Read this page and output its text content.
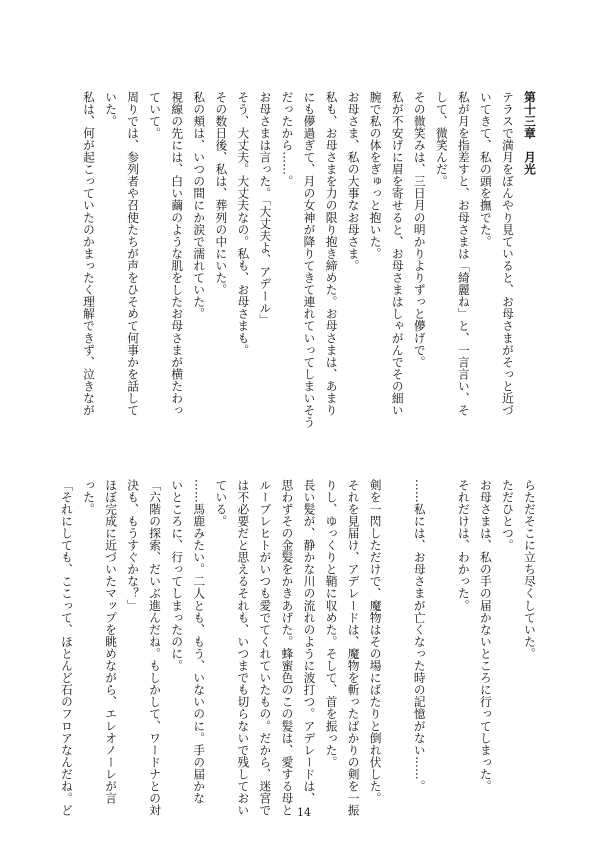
第十三章　月光
テラスで満月をぼんやり見ていると、お母さまがそっと近づ
いてきて、私の頭を撫でた。
私が月を指差すと、お母さまは「綺麗ね」と、一言言い、そ
して、微笑んだ。
その微笑みは、三日月の明かりよりずっと儚げで。
私が不安げに眉を寄せると、お母さまはしゃがんでその細い
腕で私の体をぎゅっと抱いた。
お母さま、私の大事なお母さま。
私も、お母さまを力の限り抱き締めた。お母さまは、あまり
にも儚過ぎて、月の女神が降りてきて連れていってしまいそう
だったから……。
お母さまは言った。「大丈夫よ、アデール」
そう、大丈夫。大丈夫なの。私も、お母さまも。
その数日後、私は、葬列の中にいた。
私の頬は、いつの間にか涙で濡れていた。
視線の先には、白い繭のような肌をしたお母さまが横たわっ
ていて。
周りでは、参列者や召使たちが声をひそめて何事かを話して
いた。
私は、何が起こっていたのかまったく理解できず、泣きなが
らただそこに立ち尽くしていた。
ただひとつ。
お母さまは、私の手の届かないところに行ってしまった。
それだけは、わかった。
……私には、お母さまが亡くなった時の記憶がない……。
剣を一閃しただけで、魔物はその場にばたりと倒れ伏した。
それを見届け、アデレードは、魔物を斬ったばかりの剣を一振
りし、ゆっくりと鞘に収めた。そして、首を振った。
長い髪が、静かな川の流れのように波打つ。アデレードは、
思わずその金髪をかきあげた。蜂蜜色のこの髪は、愛する母と
ルーブレヒトがいつも愛でてくれていたもの。だから、迷宮で
は不必要だと思えるそれも、いつまでも切らないで残しておい
ている。
……馬鹿みたい。二人とも、もう、いないのに。手の届かな
いところに、行ってしまったのに。
「六階の探索、だいぶ進んだね。もしかして、ワードナとの対
決も、もうすぐかな？」
ほぼ完成に近づいたマップを眺めながら、エレオノーレが言
った。
「それにしても、ここって、ほとんど石のフロアなんだね。ど	14
